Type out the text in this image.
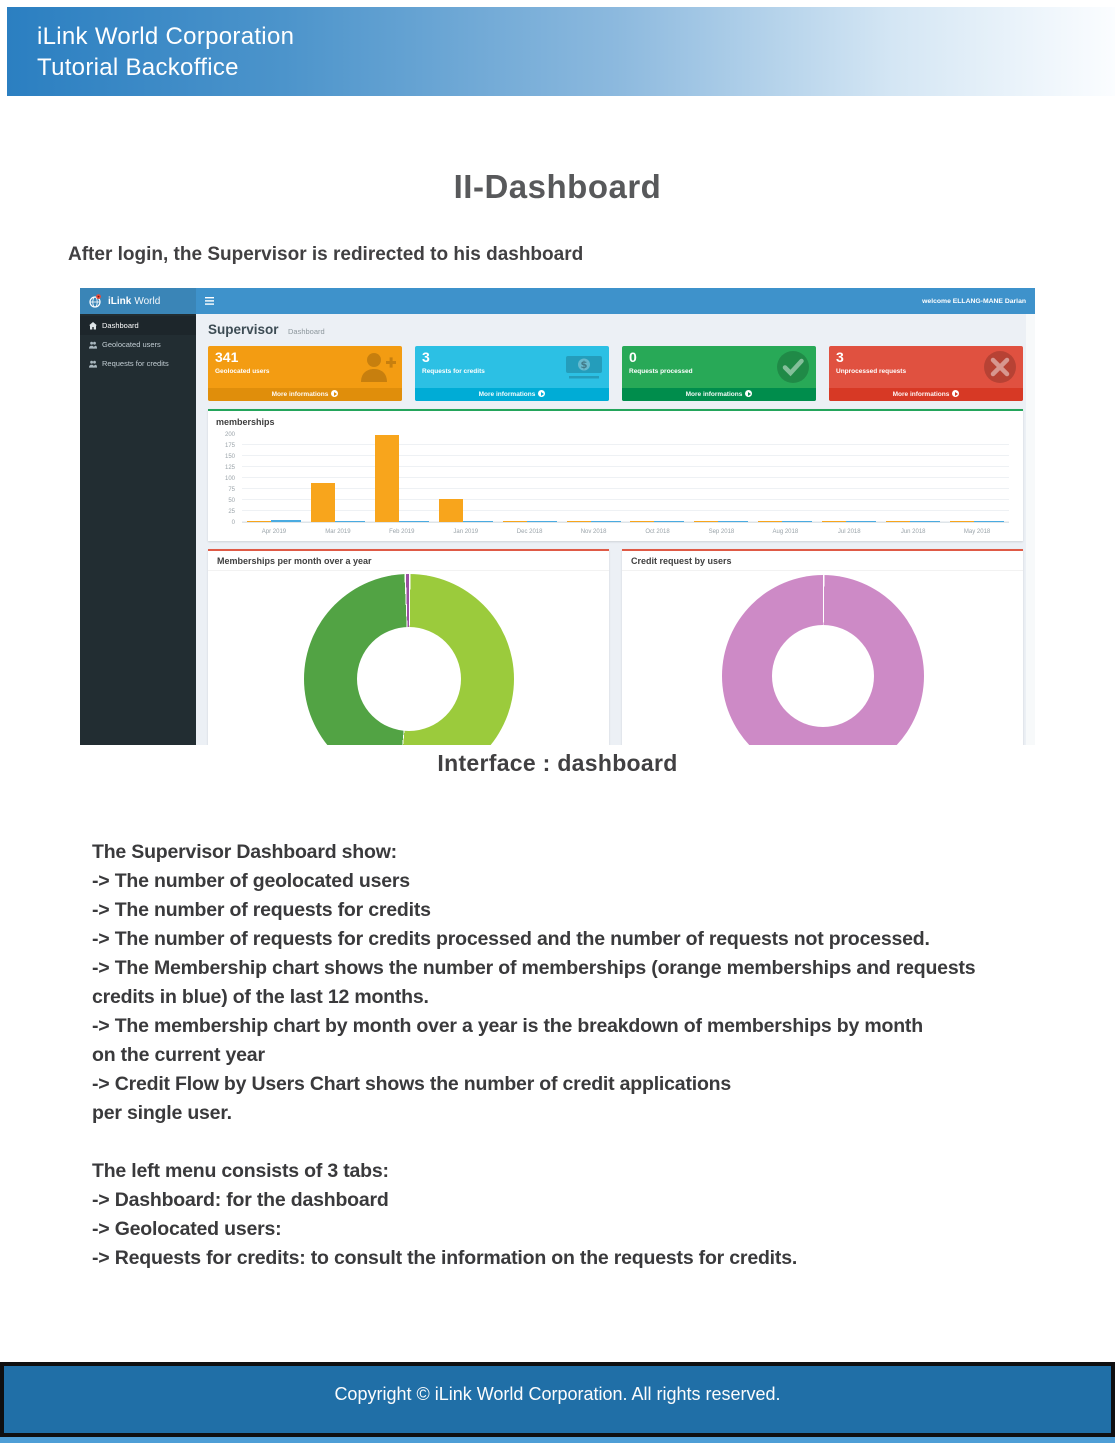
iLink World Corporation
Tutorial Backoffice
II-Dashboard
After login, the Supervisor is redirected to his dashboard
iLink World	welcome ELLANG-MANE Darlan
Dashboard
Geolocated users
Requests for credits
Supervisor Dashboard
341
Geolocated users
More informations
3
Requests for credits
$
More informations
0
Requests processed
More informations
3
Unprocessed requests
More informations
memberships
0
25
50
75
100
125
150
175
200
Apr 2019	Mar 2019	Feb 2019	Jan 2019	Dec 2018	Nov 2018	Oct 2018	Sep 2018	Aug 2018	Jul 2018	Jun 2018	May 2018
Memberships per month over a year	Credit request by users
Interface : dashboard
The Supervisor Dashboard show:
-> The number of geolocated users
-> The number of requests for credits
-> The number of requests for credits processed and the number of requests not processed.
-> The Membership chart shows the number of memberships (orange memberships and requests
credits in blue) of the last 12 months.
-> The membership chart by month over a year is the breakdown of memberships by month
on the current year
-> Credit Flow by Users Chart shows the number of credit applications
per single user.

The left menu consists of 3 tabs:
-> Dashboard: for the dashboard
-> Geolocated users:
-> Requests for credits: to consult the information on the requests for credits.
Copyright © iLink World Corporation. All rights reserved.
